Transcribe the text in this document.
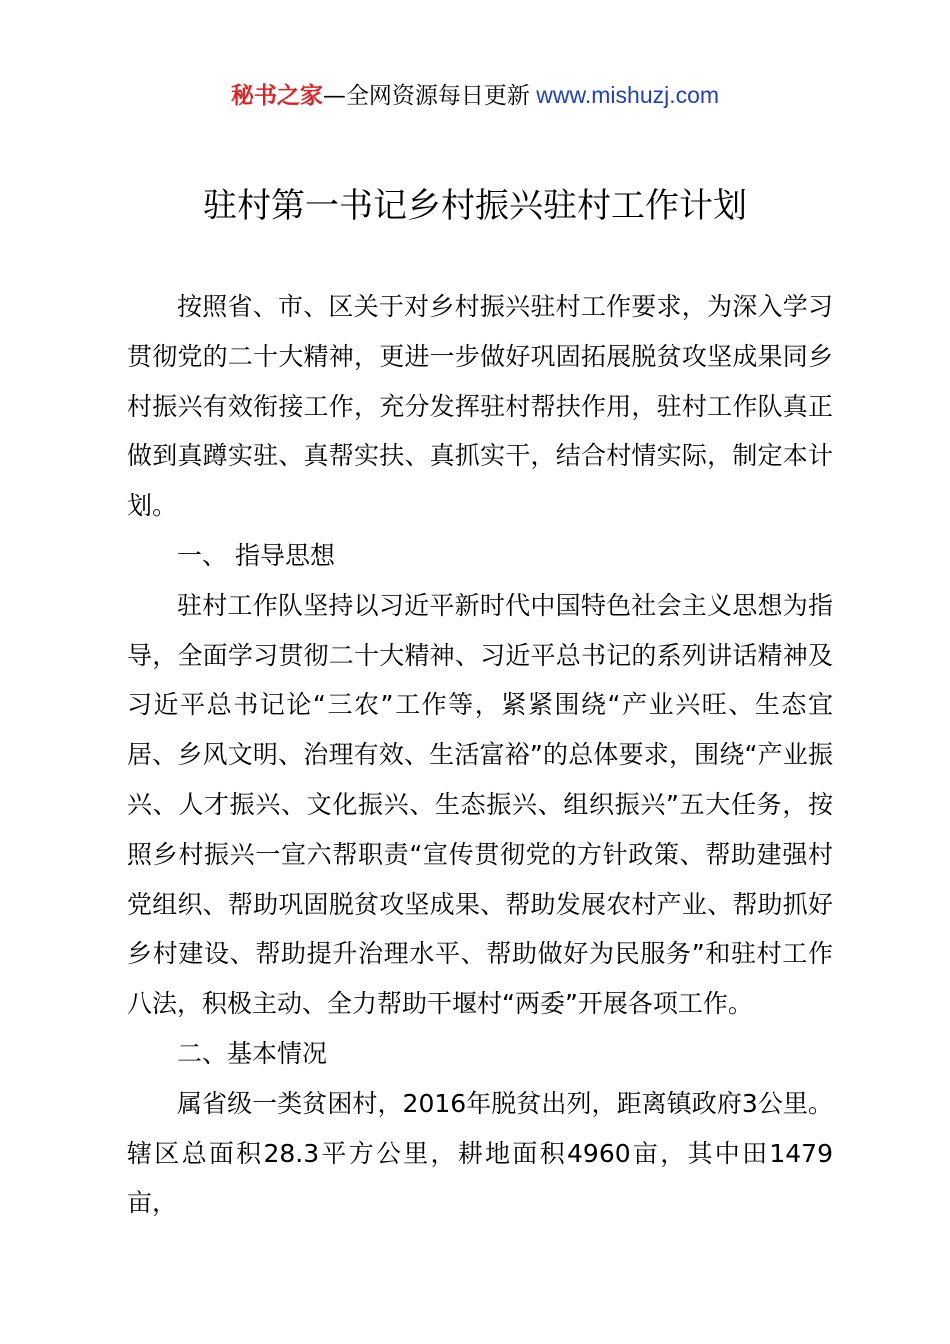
秘书之家—全网资源每日更新 www.mishuzj.com
驻村第一书记乡村振兴驻村工作计划

按照省、市、区关于对乡村振兴驻村工作要求，为深入学习贯彻党的二十大精神，更进一步做好巩固拓展脱贫攻坚成果同乡村振兴有效衔接工作，充分发挥驻村帮扶作用，驻村工作队真正做到真蹲实驻、真帮实扶、真抓实干，结合村情实际，制定本计划。

一、 指导思想

驻村工作队坚持以习近平新时代中国特色社会主义思想为指导，全面学习贯彻二十大精神、习近平总书记的系列讲话精神及习近平总书记论“三农”工作等，紧紧围绕“产业兴旺、生态宜居、乡风文明、治理有效、生活富裕”的总体要求，围绕“产业振兴、人才振兴、文化振兴、生态振兴、组织振兴”五大任务，按照乡村振兴一宣六帮职责“宣传贯彻党的方针政策、帮助建强村党组织、帮助巩固脱贫攻坚成果、帮助发展农村产业、帮助抓好乡村建设、帮助提升治理水平、帮助做好为民服务”和驻村工作八法，积极主动、全力帮助干堰村“两委”开展各项工作。

二、基本情况

属省级一类贫困村，2016年脱贫出列，距离镇政府3公里。辖区总面积28.3平方公里，耕地面积4960亩，其中田1479亩，
